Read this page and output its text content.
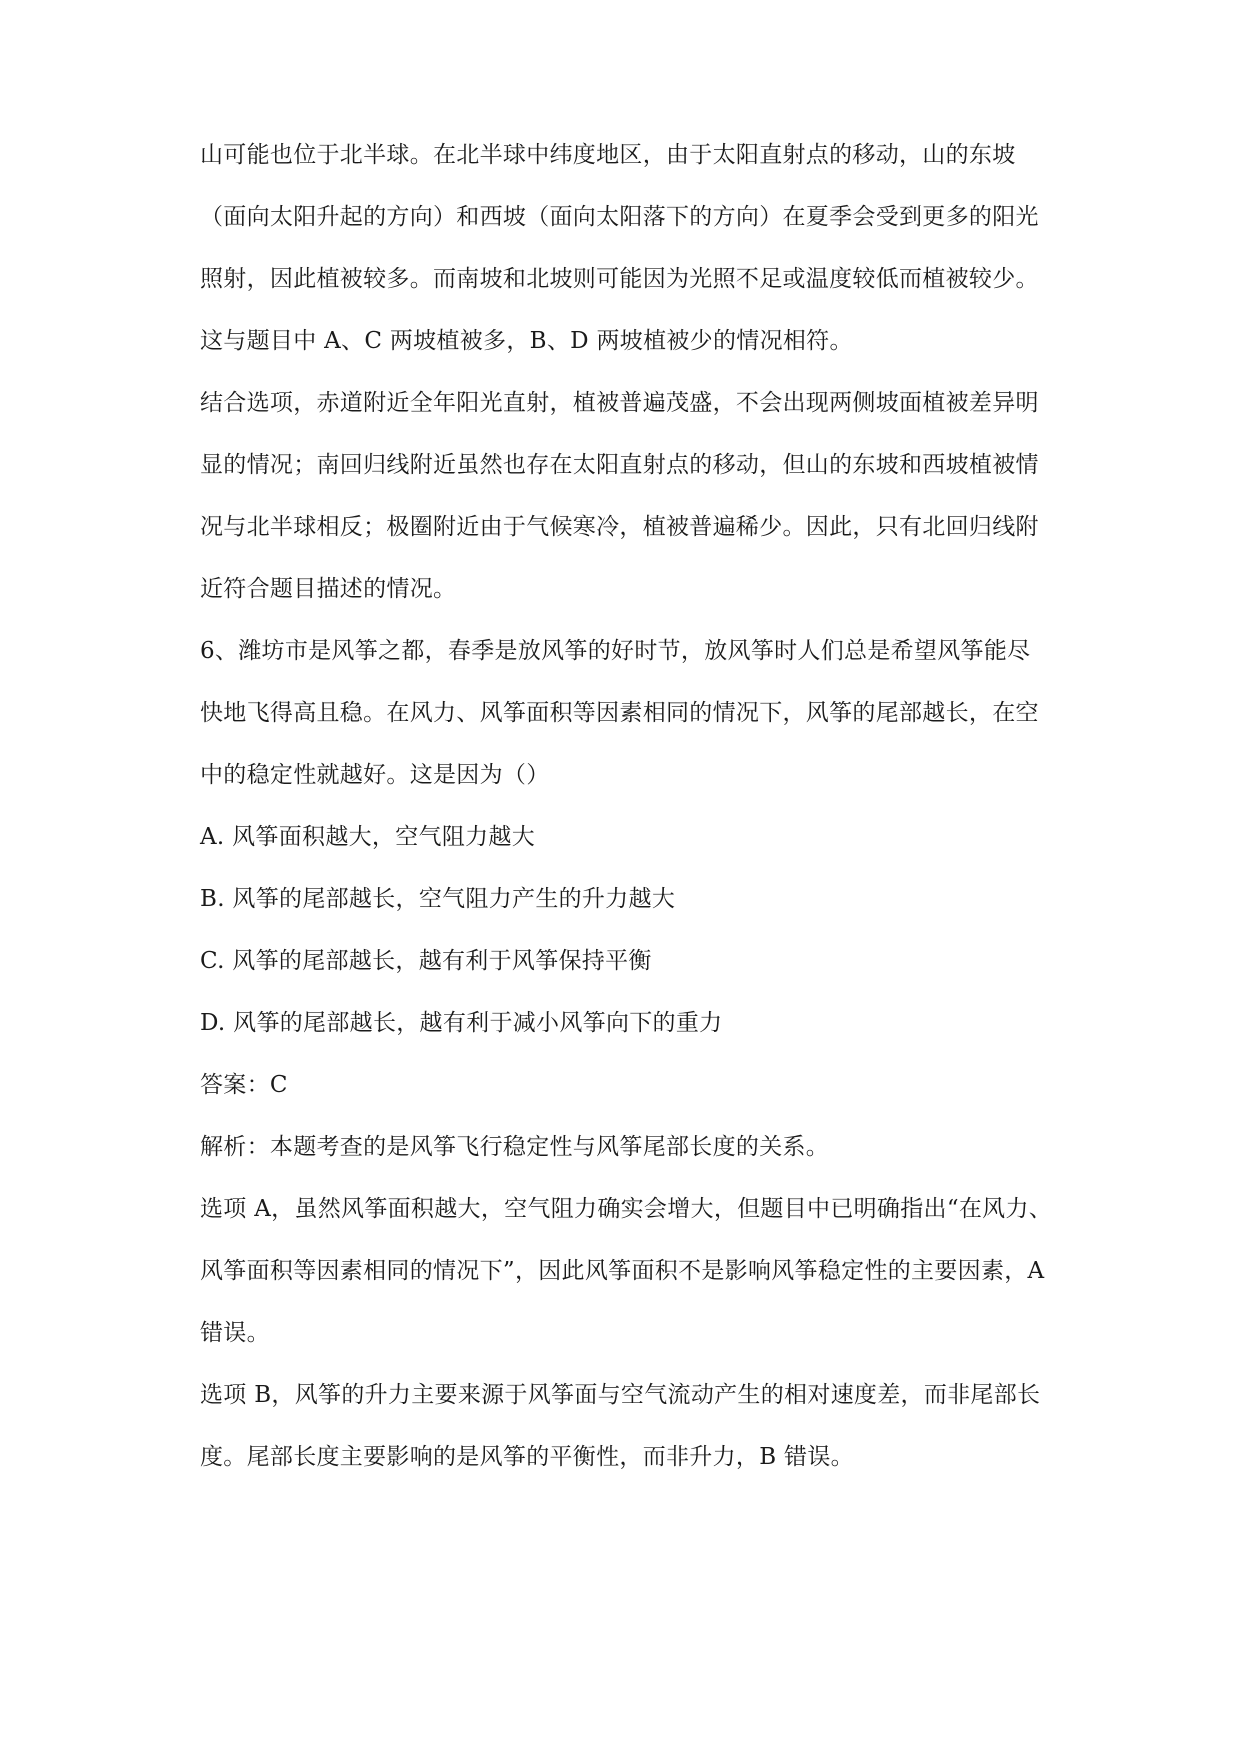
山可能也位于北半球。在北半球中纬度地区，由于太阳直射点的移动，山的东坡
（面向太阳升起的方向）和西坡（面向太阳落下的方向）在夏季会受到更多的阳光
照射，因此植被较多。而南坡和北坡则可能因为光照不足或温度较低而植被较少。
这与题目中 A、C 两坡植被多，B、D 两坡植被少的情况相符。
结合选项，赤道附近全年阳光直射，植被普遍茂盛，不会出现两侧坡面植被差异明
显的情况；南回归线附近虽然也存在太阳直射点的移动，但山的东坡和西坡植被情
况与北半球相反；极圈附近由于气候寒冷，植被普遍稀少。因此，只有北回归线附
近符合题目描述的情况。
6、潍坊市是风筝之都，春季是放风筝的好时节，放风筝时人们总是希望风筝能尽
快地飞得高且稳。在风力、风筝面积等因素相同的情况下，风筝的尾部越长，在空
中的稳定性就越好。这是因为（）
A. 风筝面积越大，空气阻力越大
B. 风筝的尾部越长，空气阻力产生的升力越大
C. 风筝的尾部越长，越有利于风筝保持平衡
D. 风筝的尾部越长，越有利于减小风筝向下的重力
答案：C
解析：本题考查的是风筝飞行稳定性与风筝尾部长度的关系。
选项 A，虽然风筝面积越大，空气阻力确实会增大，但题目中已明确指出“在风力、
风筝面积等因素相同的情况下”，因此风筝面积不是影响风筝稳定性的主要因素，A
错误。
选项 B，风筝的升力主要来源于风筝面与空气流动产生的相对速度差，而非尾部长
度。尾部长度主要影响的是风筝的平衡性，而非升力，B 错误。
